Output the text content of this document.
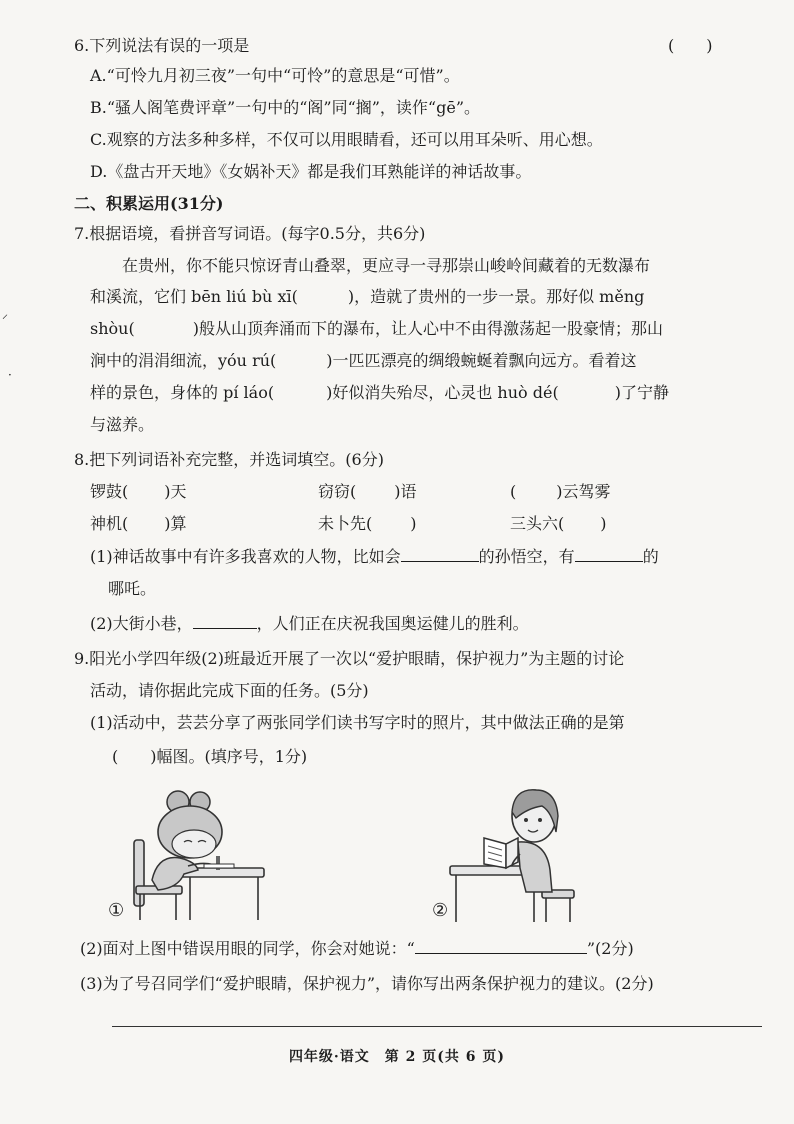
⸝
·
6.下列说法有误的一项是	(　　)
A.“可怜九月初三夜”一句中“可怜”的意思是“可惜”。
B.“骚人阁笔费评章”一句中的“阁”同“搁”，读作“gē”。
C.观察的方法多种多样，不仅可以用眼睛看，还可以用耳朵听、用心想。
D.《盘古开天地》《女娲补天》都是我们耳熟能详的神话故事。
二、积累运用(31分)
7.根据语境，看拼音写词语。(每字0.5分，共6分)
　　在贵州，你不能只惊讶青山叠翠，更应寻一寻那崇山峻岭间藏着的无数瀑布
和溪流，它们 bēn liú bù xī(	)，造就了贵州的一步一景。那好似 měng
shòu(	)般从山顶奔涌而下的瀑布，让人心中不由得激荡起一股豪情；那山
涧中的涓涓细流，yóu rú(	)一匹匹漂亮的绸缎蜿蜒着飘向远方。看着这
样的景色，身体的 pí láo(	)好似消失殆尽，心灵也 huò dé(	)了宁静
与滋养。
8.把下列词语补充完整，并选词填空。(6分)
锣鼓( )天	窃窃( )语	(	)云驾雾
神机( )算	未卜先( )	三头六( )
(1)神话故事中有许多我喜欢的人物，比如会	的孙悟空，有	的
哪吒。
(2)大街小巷，	，人们正在庆祝我国奥运健儿的胜利。
9.阳光小学四年级(2)班最近开展了一次以“爱护眼睛，保护视力”为主题的讨论
活动，请你据此完成下面的任务。(5分)
(1)活动中，芸芸分享了两张同学们读书写字时的照片，其中做法正确的是第
(　　)幅图。(填序号，1分)
①	②
(2)面对上图中错误用眼的同学，你会对她说：“	”(2分)
(3)为了号召同学们“爱护眼睛，保护视力”，请你写出两条保护视力的建议。(2分)
四年级·语文　第 2 页(共 6 页)
